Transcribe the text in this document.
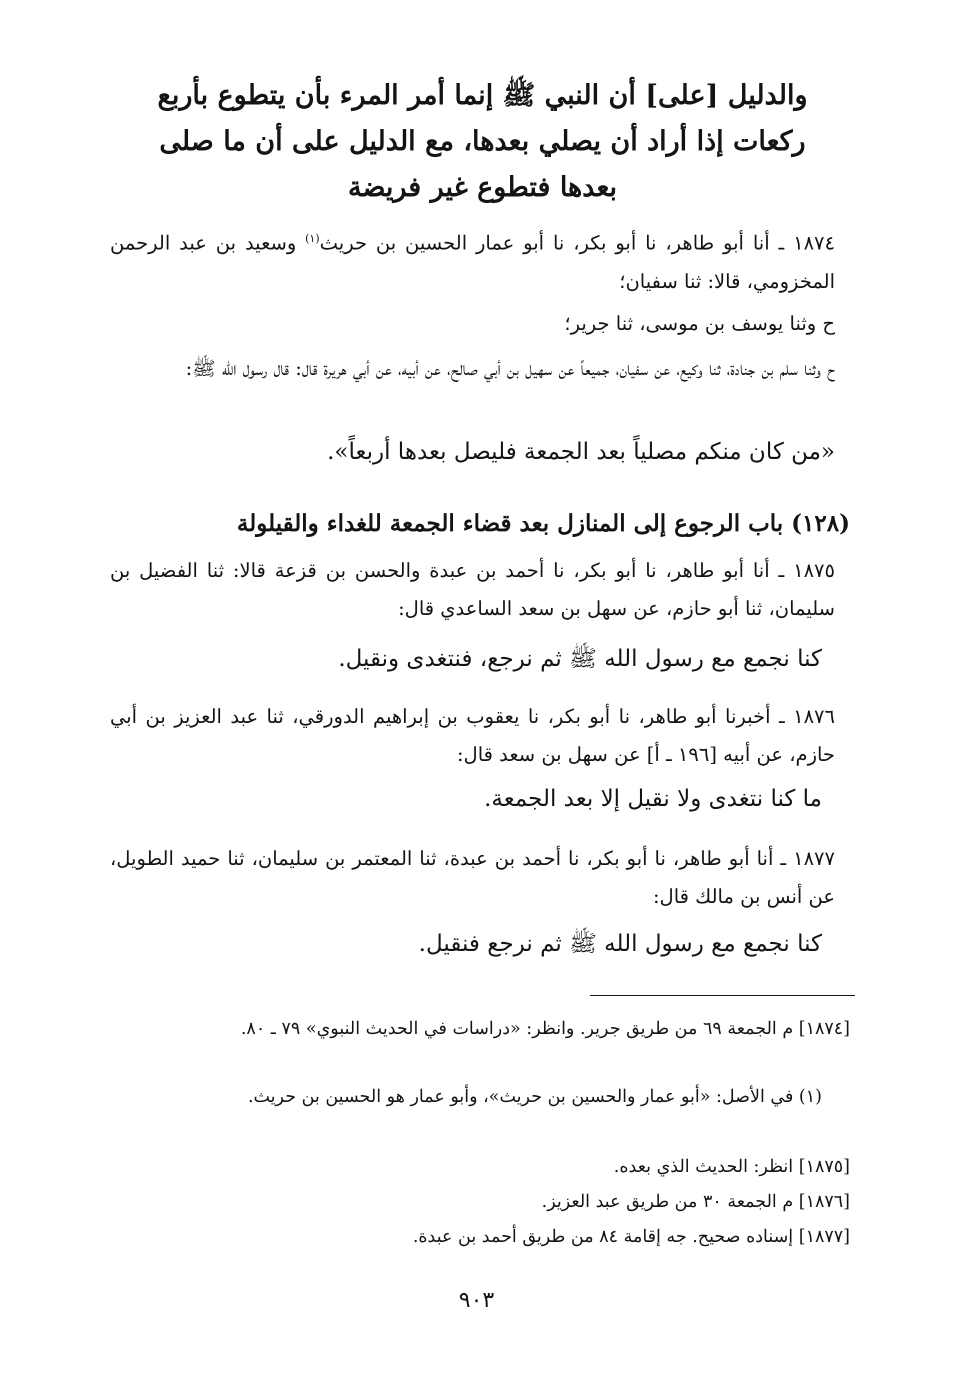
والدليل [على] أن النبي ﷺ إنما أمر المرء بأن يتطوع بأربع
ركعات إذا أراد أن يصلي بعدها، مع الدليل على أن ما صلى
بعدها فتطوع غير فريضة
١٨٧٤ ـ أنا أبو طاهر، نا أبو بكر، نا أبو عمار الحسين بن حريث$^{(١)}$ وسعيد بن عبد الرحمن المخزومي، قالا: ثنا سفيان؛
ح وثنا يوسف بن موسى، ثنا جرير؛
ح وثنا سلم بن جنادة، ثنا وكيع، عن سفيان، جميعاً عن سهيل بن أبي صالح، عن أبيه، عن أبي هريرة قال: قال رسول الله ﷺ:
«من كان منكم مصلياً بعد الجمعة فليصل بعدها أربعاً».
(١٢٨) باب الرجوع إلى المنازل بعد قضاء الجمعة للغداء والقيلولة
١٨٧٥ ـ أنا أبو طاهر، نا أبو بكر، نا أحمد بن عبدة والحسن بن قزعة قالا: ثنا الفضيل بن سليمان، ثنا أبو حازم، عن سهل بن سعد الساعدي قال:
كنا نجمع مع رسول الله ﷺ ثم نرجع، فنتغدى ونقيل.
١٨٧٦ ـ أخبرنا أبو طاهر، نا أبو بكر، نا يعقوب بن إبراهيم الدورقي، ثنا عبد العزيز بن أبي حازم، عن أبيه [١٩٦ ـ أ] عن سهل بن سعد قال:
ما كنا نتغدى ولا نقيل إلا بعد الجمعة.
١٨٧٧ ـ أنا أبو طاهر، نا أبو بكر، نا أحمد بن عبدة، ثنا المعتمر بن سليمان، ثنا حميد الطويل، عن أنس بن مالك قال:
كنا نجمع مع رسول الله ﷺ ثم نرجع فنقيل.
[١٨٧٤] م الجمعة ٦٩ من طريق جرير. وانظر: «دراسات في الحديث النبوي» ٧٩ ـ ٨٠.
(١) في الأصل: «أبو عمار والحسين بن حريث»، وأبو عمار هو الحسين بن حريث.
[١٨٧٥] انظر: الحديث الذي بعده.
[١٨٧٦] م الجمعة ٣٠ من طريق عبد العزيز.
[١٨٧٧] إسناده صحيح. جه إقامة ٨٤ من طريق أحمد بن عبدة.
٩٠٣
